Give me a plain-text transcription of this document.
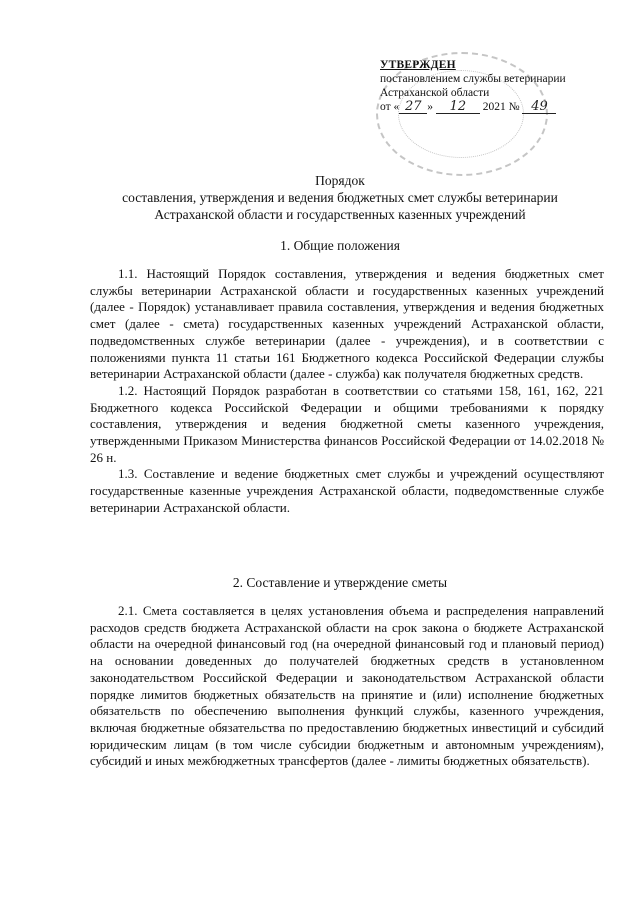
УТВЕРЖДЕН
постановлением службы ветеринарии
Астраханской области
от « 27 » 12 2021 № 49
Порядок
составления, утверждения и ведения бюджетных смет службы ветеринарии
Астраханской области и государственных казенных учреждений
1. Общие положения

1.1. Настоящий Порядок составления, утверждения и ведения бюджетных смет службы ветеринарии Астраханской области и государственных казенных учреждений (далее - Порядок) устанавливает правила составления, утверждения и ведения бюджетных смет (далее - смета) государственных казенных учреждений Астраханской области, подведомственных службе ветеринарии (далее - учреждения), и в соответствии с положениями пункта 11 статьи 161 Бюджетного кодекса Российской Федерации службы ветеринарии Астраханской области (далее - служба) как получателя бюджетных средств.

1.2. Настоящий Порядок разработан в соответствии со статьями 158, 161, 162, 221 Бюджетного кодекса Российской Федерации и общими требованиями к порядку составления, утверждения и ведения бюджетной сметы казенного учреждения, утвержденными Приказом Министерства финансов Российской Федерации от 14.02.2018 № 26 н.

1.3. Составление и ведение бюджетных смет службы и учреждений осуществляют государственные казенные учреждения Астраханской области, подведомственные службе ветеринарии Астраханской области.

2. Составление и утверждение сметы

2.1. Смета составляется в целях установления объема и распределения направлений расходов средств бюджета Астраханской области на срок закона о бюджете Астраханской области на очередной финансовый год (на очередной финансовый год и плановый период) на основании доведенных до получателей бюджетных средств в установленном законодательством Российской Федерации и законодательством Астраханской области порядке лимитов бюджетных обязательств на принятие и (или) исполнение бюджетных обязательств по обеспечению выполнения функций службы, казенного учреждения, включая бюджетные обязательства по предоставлению бюджетных инвестиций и субсидий юридическим лицам (в том числе субсидии бюджетным и автономным учреждениям), субсидий и иных межбюджетных трансфертов (далее - лимиты бюджетных обязательств).
